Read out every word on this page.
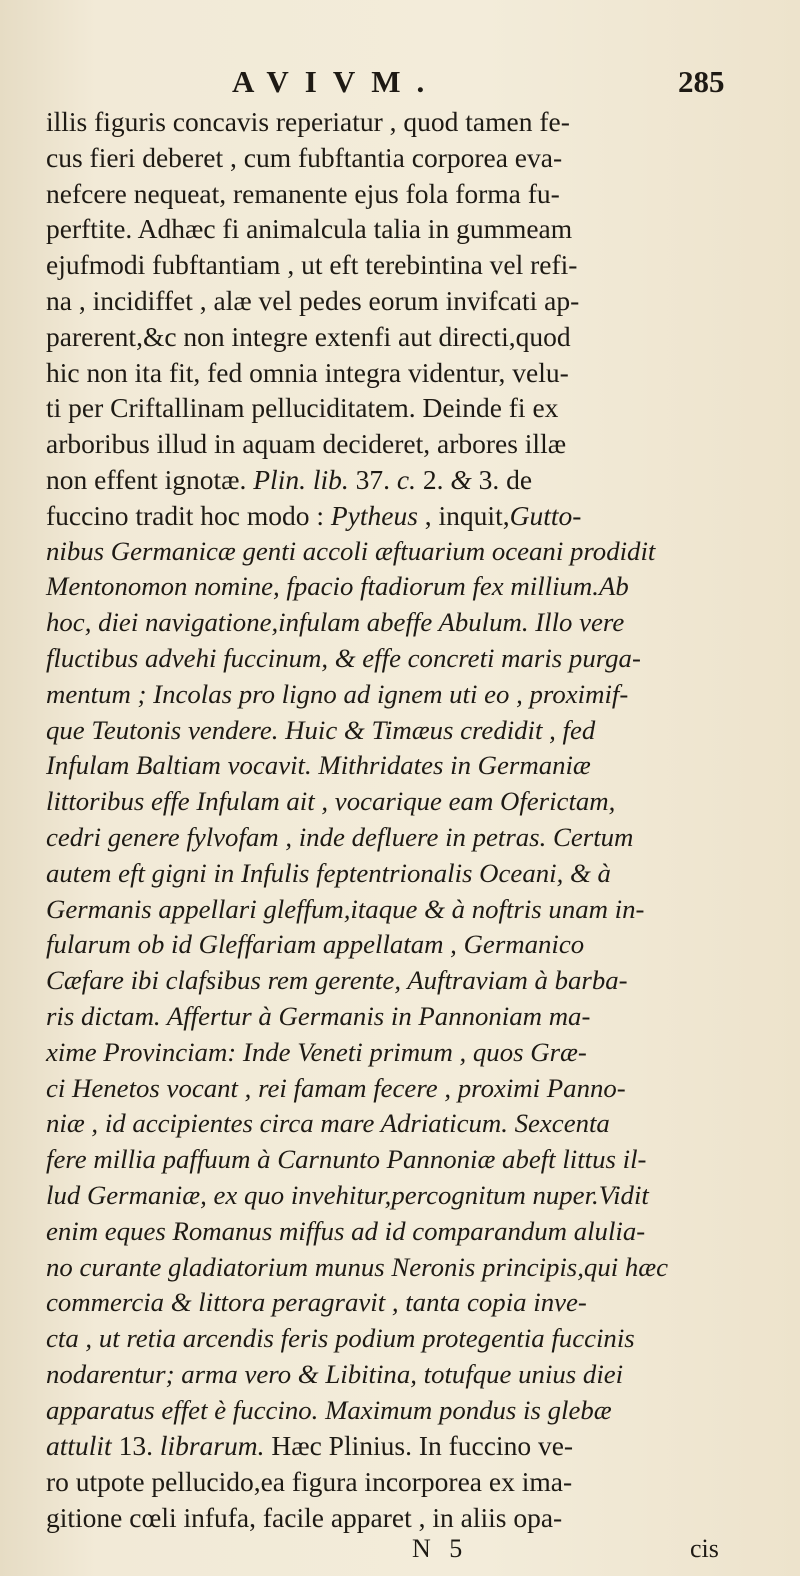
AVIVM.	285
illis figuris concavis reperiatur , quod tamen fe-
cus fieri deberet , cum fubftantia corporea eva-
nefcere nequeat, remanente ejus fola forma fu-
perftite. Adhæc fi animalcula talia in gummeam
ejufmodi fubftantiam , ut eft terebintina vel refi-
na , incidiffet , alæ vel pedes eorum invifcati ap-
parerent,&c non integre extenfi aut directi,quod
hic non ita fit, fed omnia integra videntur, velu-
ti per Criftallinam pelluciditatem. Deinde fi ex
arboribus illud in aquam decideret, arbores illæ
non effent ignotæ. Plin. lib. 37. c. 2. & 3. de
fuccino tradit hoc modo : Pytheus , inquit,Gutto-
nibus Germanicæ genti accoli æftuarium oceani prodidit
Mentonomon nomine, fpacio ftadiorum fex millium.Ab
hoc, diei navigatione,infulam abeffe Abulum. Illo vere
fluctibus advehi fuccinum, & effe concreti maris purga-
mentum ; Incolas pro ligno ad ignem uti eo , proximif-
que Teutonis vendere. Huic & Timæus credidit , fed
Infulam Baltiam vocavit. Mithridates in Germaniæ
littoribus effe Infulam ait , vocarique eam Oferictam,
cedri genere fylvofam , inde defluere in petras. Certum
autem eft gigni in Infulis feptentrionalis Oceani, & à
Germanis appellari gleffum,itaque & à noftris unam in-
fularum ob id Gleffariam appellatam , Germanico
Cæfare ibi clafsibus rem gerente, Auftraviam à barba-
ris dictam. Affertur à Germanis in Pannoniam ma-
xime Provinciam: Inde Veneti primum , quos Græ-
ci Henetos vocant , rei famam fecere , proximi Panno-
niæ , id accipientes circa mare Adriaticum. Sexcenta
fere millia paffuum à Carnunto Pannoniæ abeft littus il-
lud Germaniæ, ex quo invehitur,percognitum nuper.Vidit
enim eques Romanus miffus ad id comparandum alulia-
no curante gladiatorium munus Neronis principis,qui hæc
commercia & littora peragravit , tanta copia inve-
cta , ut retia arcendis feris podium protegentia fuccinis
nodarentur; arma vero & Libitina, totufque unius diei
apparatus effet è fuccino. Maximum pondus is glebæ
attulit 13. librarum. Hæc Plinius. In fuccino ve-
ro utpote pellucido,ea figura incorporea ex ima-
gitione cœli infufa, facile apparet , in aliis opa-
N 5	cis
